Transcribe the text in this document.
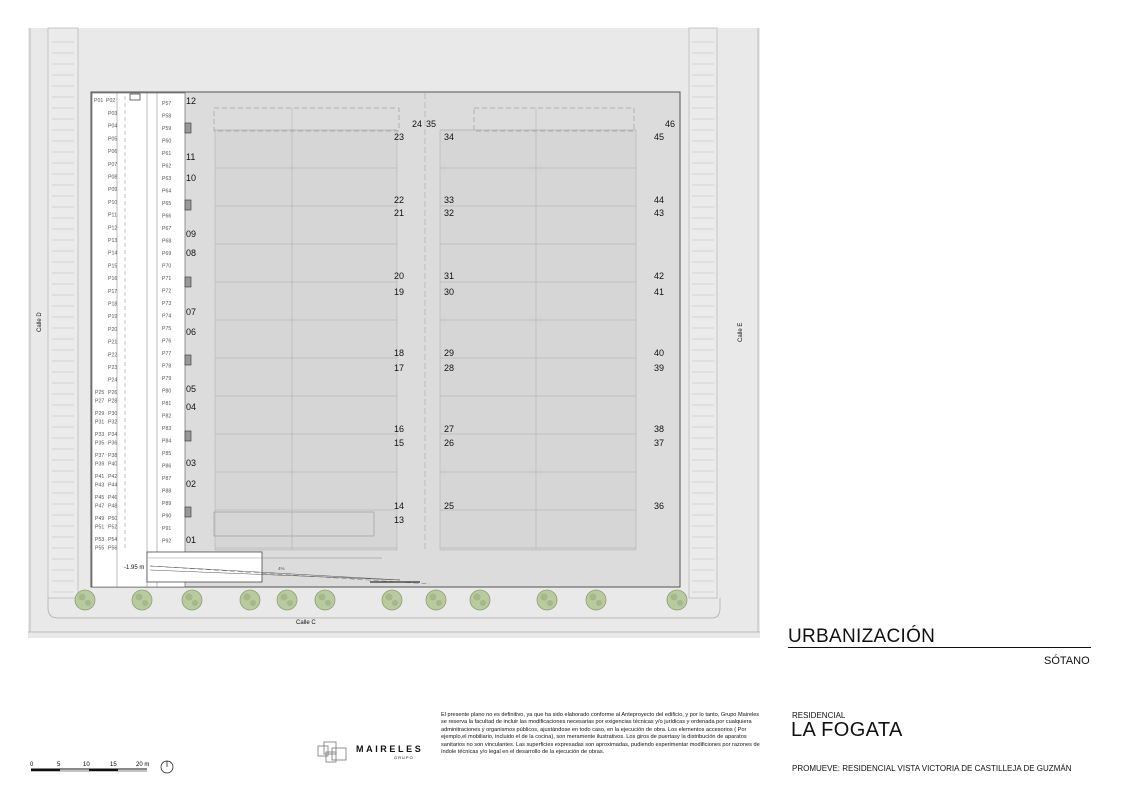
P01 P02
P03
P04
P05
P06
P07
P08
P09
P10
P11
P12
P13
P14
P15
P16
P17
P18
P19
P20
P21
P22
P23
P24
P25 P26
P27 P28
P29 P30
P31 P32
P33 P34
P35 P36
P37 P38
P39 P40
P41 P42
P43 P44
P45 P46
P47 P48
P49 P50
P51 P52
P53 P54
P55 P56
P57
P58
P59
P60
P61
P62
P63
P64
P65
P66
P67
P68
P69
P70
P71
P72
P73
P74
P75
P76
P77
P78
P79
P80
P81
P82
P83
P84
P85
P86
P87
P88
P89
P90
P91
P92
12
11
10
09
08
07
06
05
04
03
02
01
24
23
22
21
20
19
18
17
16
15
14
13
35
34
33
32
31
30
29
28
27
26
25
46
45
44
43
42
41
40
39
38
37
36
Calle D
Calle E
Calle C
-1.95 m	4%
URBANIZACIÓN
SÓTANO
RESIDENCIAL
LA FOGATA
PROMUEVE: RESIDENCIAL VISTA VICTORIA DE CASTILLEJA DE GUZMÁN
El presente plano no es definitivo, ya que ha sido elaborado conforme al Anteproyecto del edificio, y por lo tanto, Grupo Maireles se reserva la facultad de incluir las modificaciones necesarias por exigencias técnicas y/o jurídicas y ordenada por cualquiera adminitraciones y organismos públicos, ajustándose en todo caso, en la ejecución de obra. Los elementos accesorios ( Por ejemplo,el mobiliario, incluido el de la cocina), son meramente ilustrativos. Los giros de puertasy la distribución de aparatos sanitarios no son vinculantes. Las superficies expresadas son aproximadas, pudiendo experimentar modificiones por razones de índole técnicas y/o legal en el desarrollo de la ejecución de obras.
MAIRELES
GRUPO
0	5	10	15	20 m
